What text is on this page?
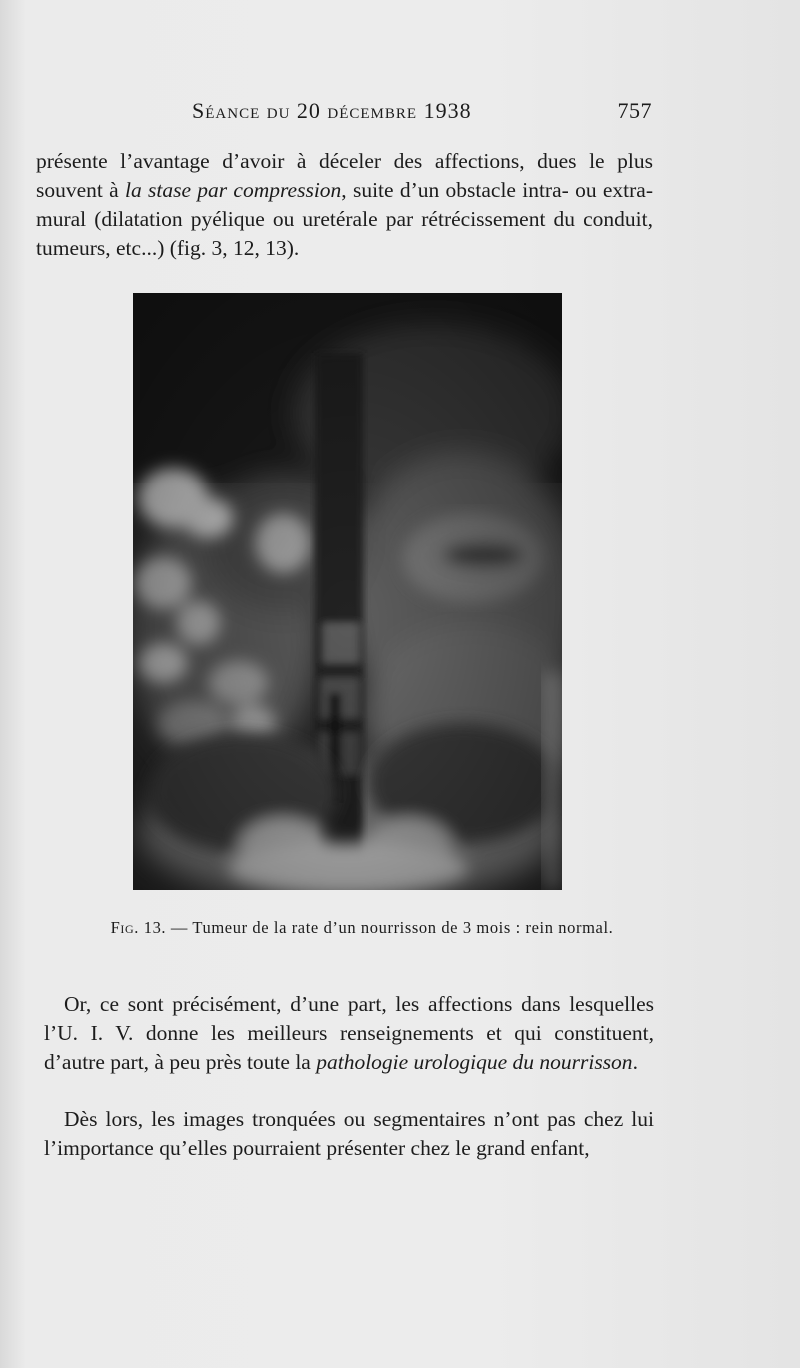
Séance du 20 décembre 1938	757

présente l’avantage d’avoir à déceler des affections, dues le plus souvent à la stase par compression, suite d’un obstacle intra- ou extra-mural (dilatation pyélique ou uretérale par rétrécissement du conduit, tumeurs, etc...) (fig. 3, 12, 13).

Fig. 13. — Tumeur de la rate d’un nourrisson de 3 mois : rein normal.

Or, ce sont précisément, d’une part, les affections dans lesquelles l’U. I. V. donne les meilleurs renseignements et qui constituent, d’autre part, à peu près toute la pathologie urologique du nourrisson.

Dès lors, les images tronquées ou segmentaires n’ont pas chez lui l’importance qu’elles pourraient présenter chez le grand enfant,
